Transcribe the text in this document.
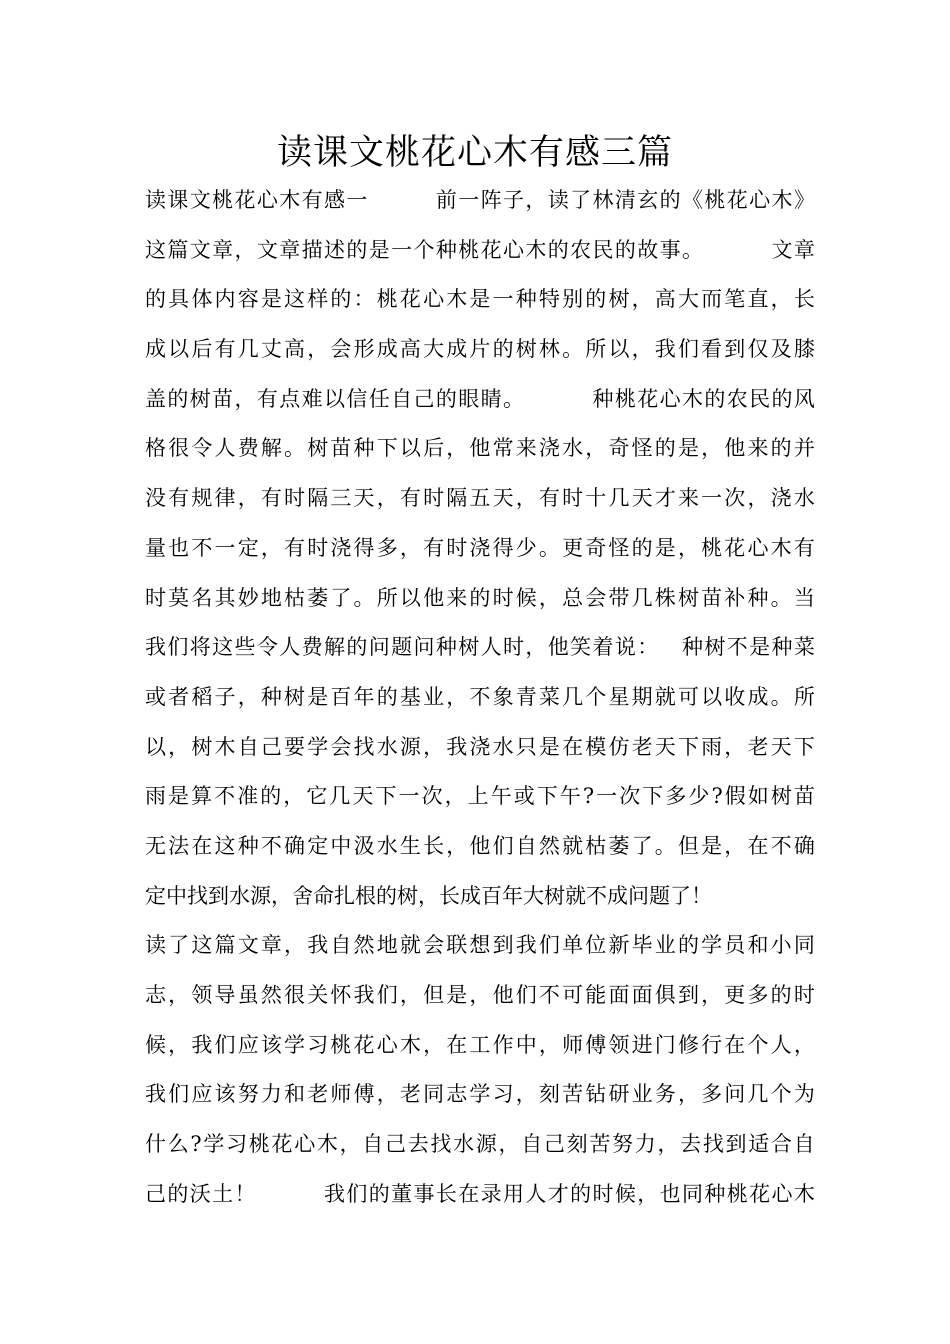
读课文桃花心木有感三篇
读 课 文 桃 花 心 木 有 感 一

　	前 一 阵 子 ， 读 了 林 清 玄 的 《 桃 花 心 木 》
这 篇 文 章 ， 文 章 描 述 的 是 一 个 种 桃 花 心 木 的 农 民 的 故 事 。

　	文 章
的 具 体 内 容 是 这 样 的 ： 桃 花 心 木 是 一 种 特 别 的 树 ， 高 大 而 笔 直 ， 长
成 以 后 有 几 丈 高 ， 会 形 成 高 大 成 片 的 树 林 。 所 以 ， 我 们 看 到 仅 及 膝
盖 的 树 苗 ， 有 点 难 以 信 任 自 己 的 眼 睛 。

　	种 桃 花 心 木 的 农 民 的 风
格 很 令 人 费 解 。 树 苗 种 下 以 后 ， 他 常 来 浇 水 ， 奇 怪 的 是 ， 他 来 的 并
没 有 规 律 ， 有 时 隔 三 天 ， 有 时 隔 五 天 ， 有 时 十 几 天 才 来 一 次 ， 浇 水
量 也 不 一 定 ， 有 时 浇 得 多 ， 有 时 浇 得 少 。 更 奇 怪 的 是 ， 桃 花 心 木 有
时 莫 名 其 妙 地 枯 萎 了 。 所 以 他 来 的 时 候 ， 总 会 带 几 株 树 苗 补 种 。 当
我 们 将 这 些 令 人 费 解 的 问 题 问 种 树 人 时 ， 他 笑 着 说 ：
　 种 树 不 是 种 菜
或 者 稻 子 ， 种 树 是 百 年 的 基 业 ， 不 象 青 菜 几 个 星 期 就 可 以 收 成 。 所
以 ， 树 木 自 己 要 学 会 找 水 源 ， 我 浇 水 只 是 在 模 仿 老 天 下 雨 ， 老 天 下
雨 是 算 不 准 的 ， 它 几 天 下 一 次 ， 上 午 或 下 午 ? 一 次 下 多 少 ? 假 如 树 苗
无 法 在 这 种 不 确 定 中 汲 水 生 长 ， 他 们 自 然 就 枯 萎 了 。 但 是 ， 在 不 确
定中找到水源，舍命扎根的树，长成百年大树就不成问题了！
读 了 这 篇 文 章 ， 我 自 然 地 就 会 联 想 到 我 们 单 位 新 毕 业 的 学 员 和 小 同
志 ， 领 导 虽 然 很 关 怀 我 们 ， 但 是 ， 他 们 不 可 能 面 面 俱 到 ， 更 多 的 时
候 ， 我 们 应 该 学 习 桃 花 心 木 ， 在 工 作 中 ， 师 傅 领 进 门 修 行 在 个 人 ，
我 们 应 该 努 力 和 老 师 傅 ， 老 同 志 学 习 ， 刻 苦 钻 研 业 务 ， 多 问 几 个 为
什 么 ? 学 习 桃 花 心 木 ， 自 己 去 找 水 源 ， 自 己 刻 苦 努 力 ， 去 找 到 适 合 自
己 的 沃 土 ！

　	我 们 的 董 事 长 在 录 用 人 才 的 时 候 ， 也 同 种 桃 花 心 木
